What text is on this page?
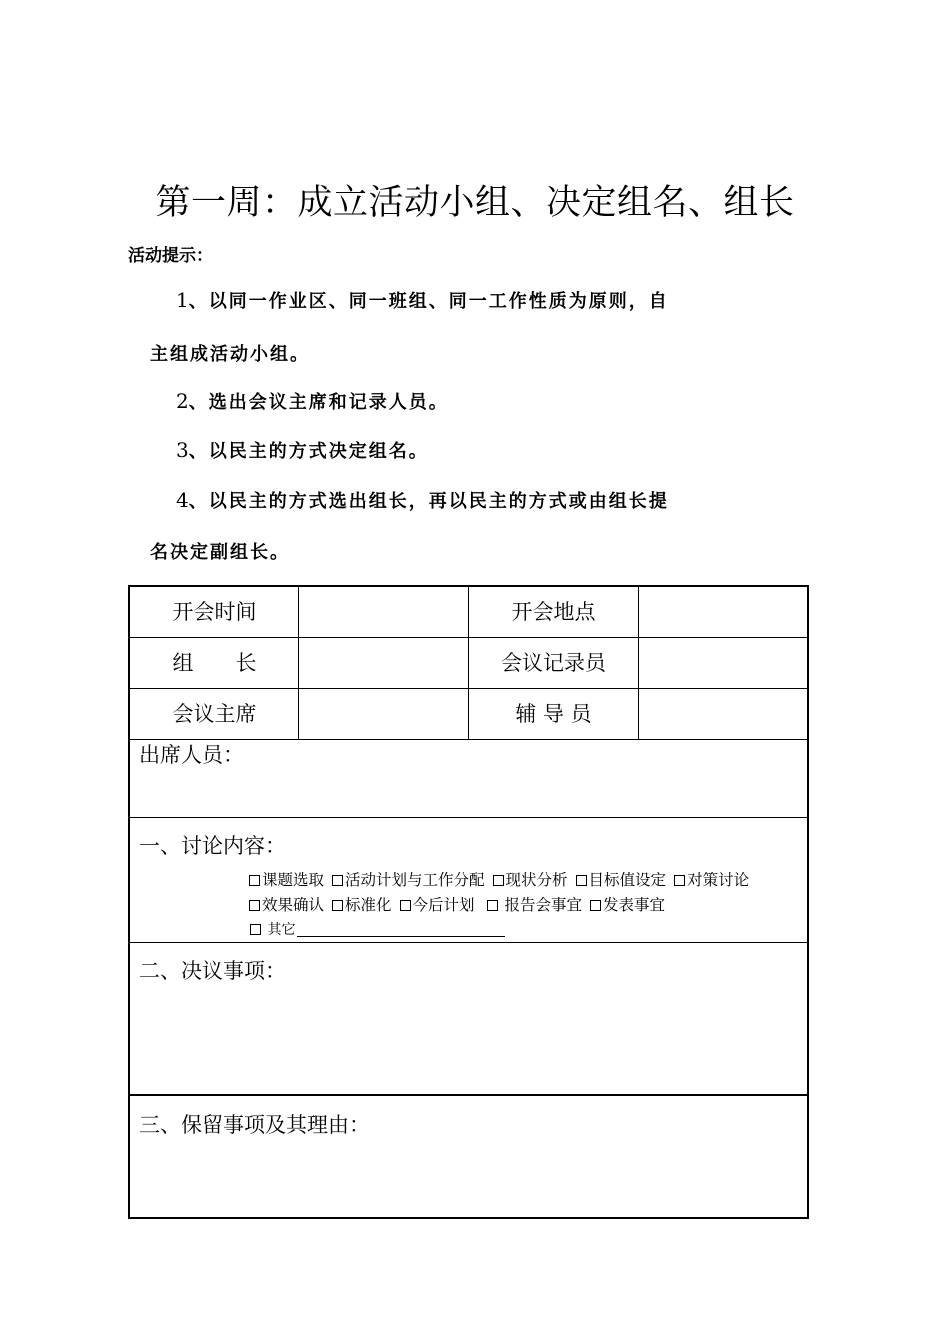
第一周：成立活动小组、决定组名、组长
活动提示：
1、以同一作业区、同一班组、同一工作性质为原则，自
主组成活动小组。
2、选出会议主席和记录人员。
3、以民主的方式决定组名。
4、以民主的方式选出组长，再以民主的方式或由组长提
名决定副组长。
开会时间	开会地点
组　　长	会议记录员
会议主席	辅 导 员
出席人员：
一、讨论内容：
课题选取 活动计划与工作分配 现状分析 目标值设定 对策讨论
效果确认 标准化 今后计划 报告会事宜 发表事宜
其它
二、决议事项：
三、保留事项及其理由：
